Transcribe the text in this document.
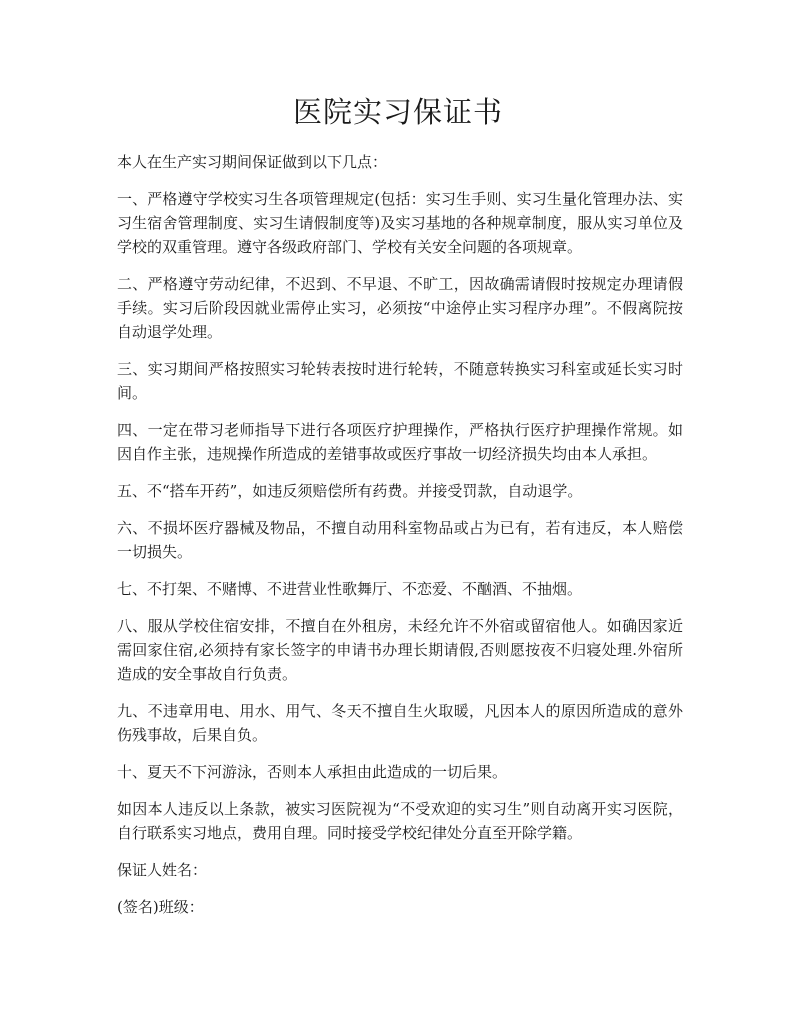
医院实习保证书

本人在生产实习期间保证做到以下几点：

一、严格遵守学校实习生各项管理规定(包括：实习生手则、实习生量化管理办法、实习生宿舍管理制度、实习生请假制度等)及实习基地的各种规章制度，服从实习单位及学校的双重管理。遵守各级政府部门、学校有关安全问题的各项规章。

二、严格遵守劳动纪律，不迟到、不早退、不旷工，因故确需请假时按规定办理请假手续。实习后阶段因就业需停止实习，必须按“中途停止实习程序办理”。不假离院按自动退学处理。

三、实习期间严格按照实习轮转表按时进行轮转，不随意转换实习科室或延长实习时间。

四、一定在带习老师指导下进行各项医疗护理操作，严格执行医疗护理操作常规。如因自作主张，违规操作所造成的差错事故或医疗事故一切经济损失均由本人承担。

五、不“搭车开药”，如违反须赔偿所有药费。并接受罚款，自动退学。

六、不损坏医疗器械及物品，不擅自动用科室物品或占为已有，若有违反，本人赔偿一切损失。

七、不打架、不赌博、不进营业性歌舞厅、不恋爱、不酗酒、不抽烟。

八、服从学校住宿安排，不擅自在外租房，未经允许不外宿或留宿他人。如确因家近需回家住宿,必须持有家长签字的申请书办理长期请假,否则愿按夜不归寝处理.外宿所造成的安全事故自行负责。

九、不违章用电、用水、用气、冬天不擅自生火取暖，凡因本人的原因所造成的意外伤残事故，后果自负。

十、夏天不下河游泳，否则本人承担由此造成的一切后果。

如因本人违反以上条款，被实习医院视为“不受欢迎的实习生”则自动离开实习医院，自行联系实习地点，费用自理。同时接受学校纪律处分直至开除学籍。

保证人姓名：

(签名)班级：
